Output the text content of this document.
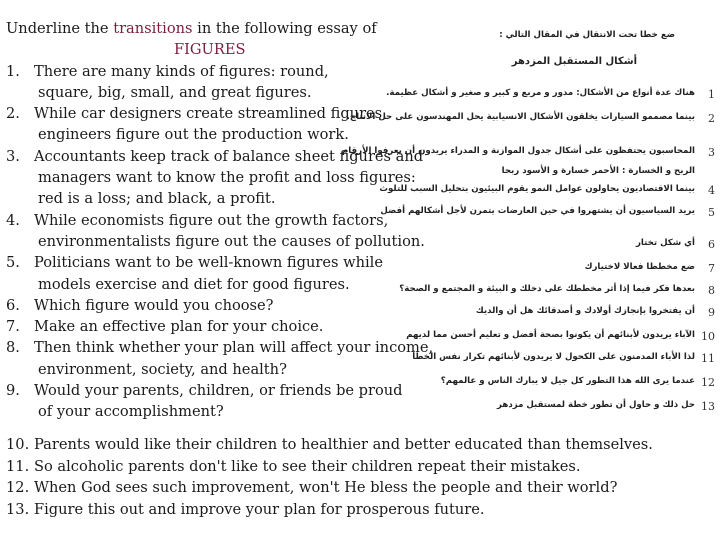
Underline the transitions in the following essay of
FIGURES
1. There are many kinds of figures: round,
square, big, small, and great figures.
2. While car designers create streamlined figures,
engineers figure out the production work.
3. Accountants keep track of balance sheet figures and
managers want to know the profit and loss figures:
red is a loss; and black, a profit.
4. While economists figure out the growth factors,
environmentalists figure out the causes of pollution.
5. Politicians want to be well-known figures while
models exercise and diet for good figures.
6. Which figure would you choose?
7. Make an effective plan for your choice.
8. Then think whether your plan will affect your income,
environment, society, and health?
9. Would your parents, children, or friends be proud
of your accomplishment?
10. Parents would like their children to healthier and better educated than themselves.
11. So alcoholic parents don't like to see their children repeat their mistakes.
12. When God sees such improvement, won't He bless the people and their world?
13. Figure this out and improve your plan for prosperous future.
ضع خطا تحت الانتقال في المقال التالي :
أشكال المستقبل المزدهر
1
هناك عدة أنواع من الأشكال: مدور و مربع و كبير و صغير و أشكال عظيمة.
2
بينما مصممو السيارات يخلقون الأشكال الانسيابية يحل المهندسون على حل الانتاج.
3
المحاسبون يحتفظون على أشكال جدول الموازنة و المدراء يريدون أن يعرفوا الأرقام
الربح و الخسارة : الأحمر خسارة و الأسود ربحا
4
بينما الاقتصاديون يحاولون عوامل النمو يقوم البيئيون بتحليل السبب للتلوث
5
يريد السياسيون أن يشتهروا في حين العارضات يتمرن لأجل أشكالهم أفضل
6
أي شكل تختار
7
ضع مخططا فعالا لاختيارك
8
بعدها فكر فيما إذا أثر مخططك على دخلك و البيئة و المجتمع و الصحة؟
9
أن يفتخروا بإنجازك أولادك و أصدقائك هل أن والديك
10
الآباء يريدون لأبنائهم أن يكونوا بصحة أفضل و تعليم أحسن مما لديهم
11
لذا الأباء المدمنون على الكحول لا يريدون لأبنائهم تكرار نفس الخطأ
12
عندما يرى الله هذا التطور كل جيل لا يبارك الناس و عالمهم؟
13
حل ذلك و حاول أن تطور خطة لمستقبل مزدهر
